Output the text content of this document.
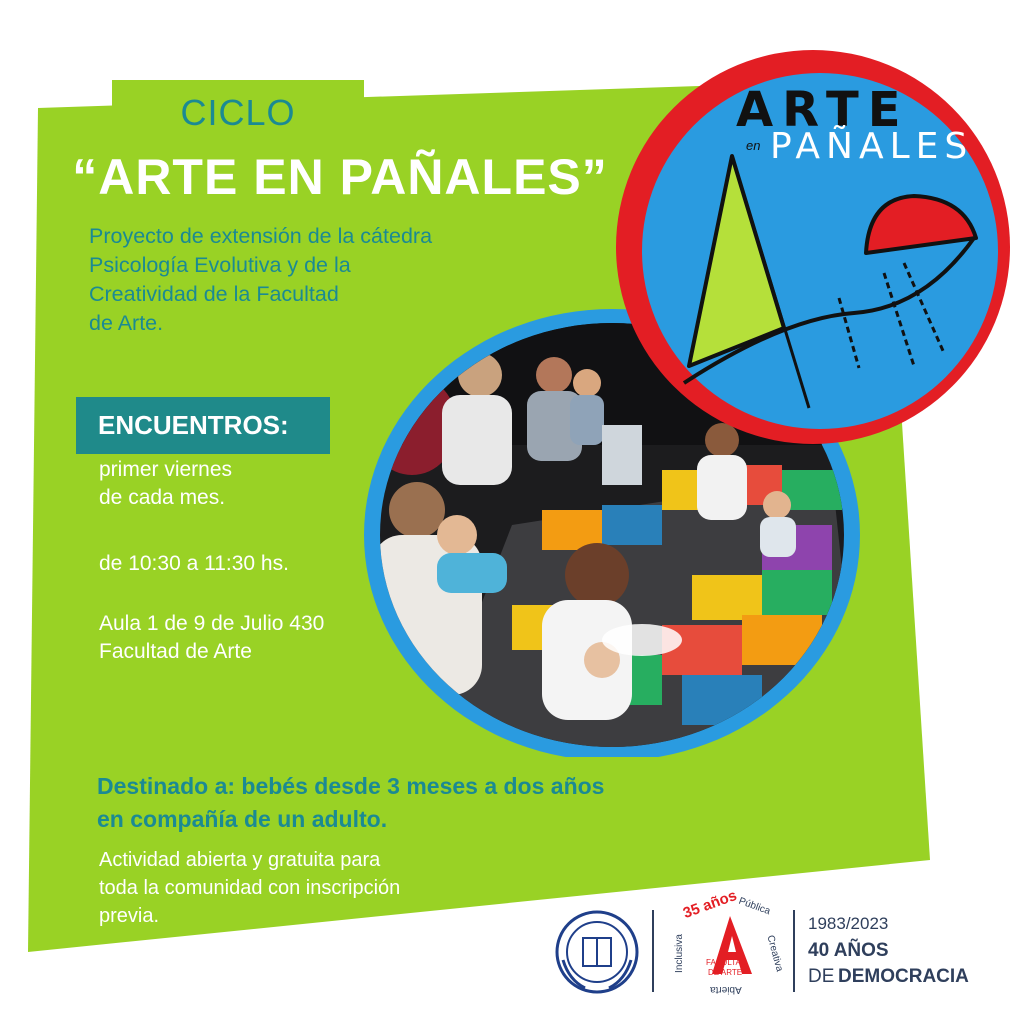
CICLO
“ARTE EN PAÑALES”
Proyecto de extensión de la cátedra
Psicología Evolutiva y de la
Creatividad de la Facultad
de Arte.
ARTE
en PAÑALES
ENCUENTROS:
primer viernes
de cada mes.
de 10:30 a 11:30 hs.
Aula 1 de 9 de Julio 430
Facultad de Arte
Destinado a: bebés desde 3 meses a dos años
en compañía de un adulto.
Actividad abierta y gratuita para
toda la comunidad con inscripción
previa.	35 años
Pública
Creativa
Abierta
Inclusiva	FACULTAD
DE ARTE
1983/2023
40 AÑOS
DE DEMOCRACIA
